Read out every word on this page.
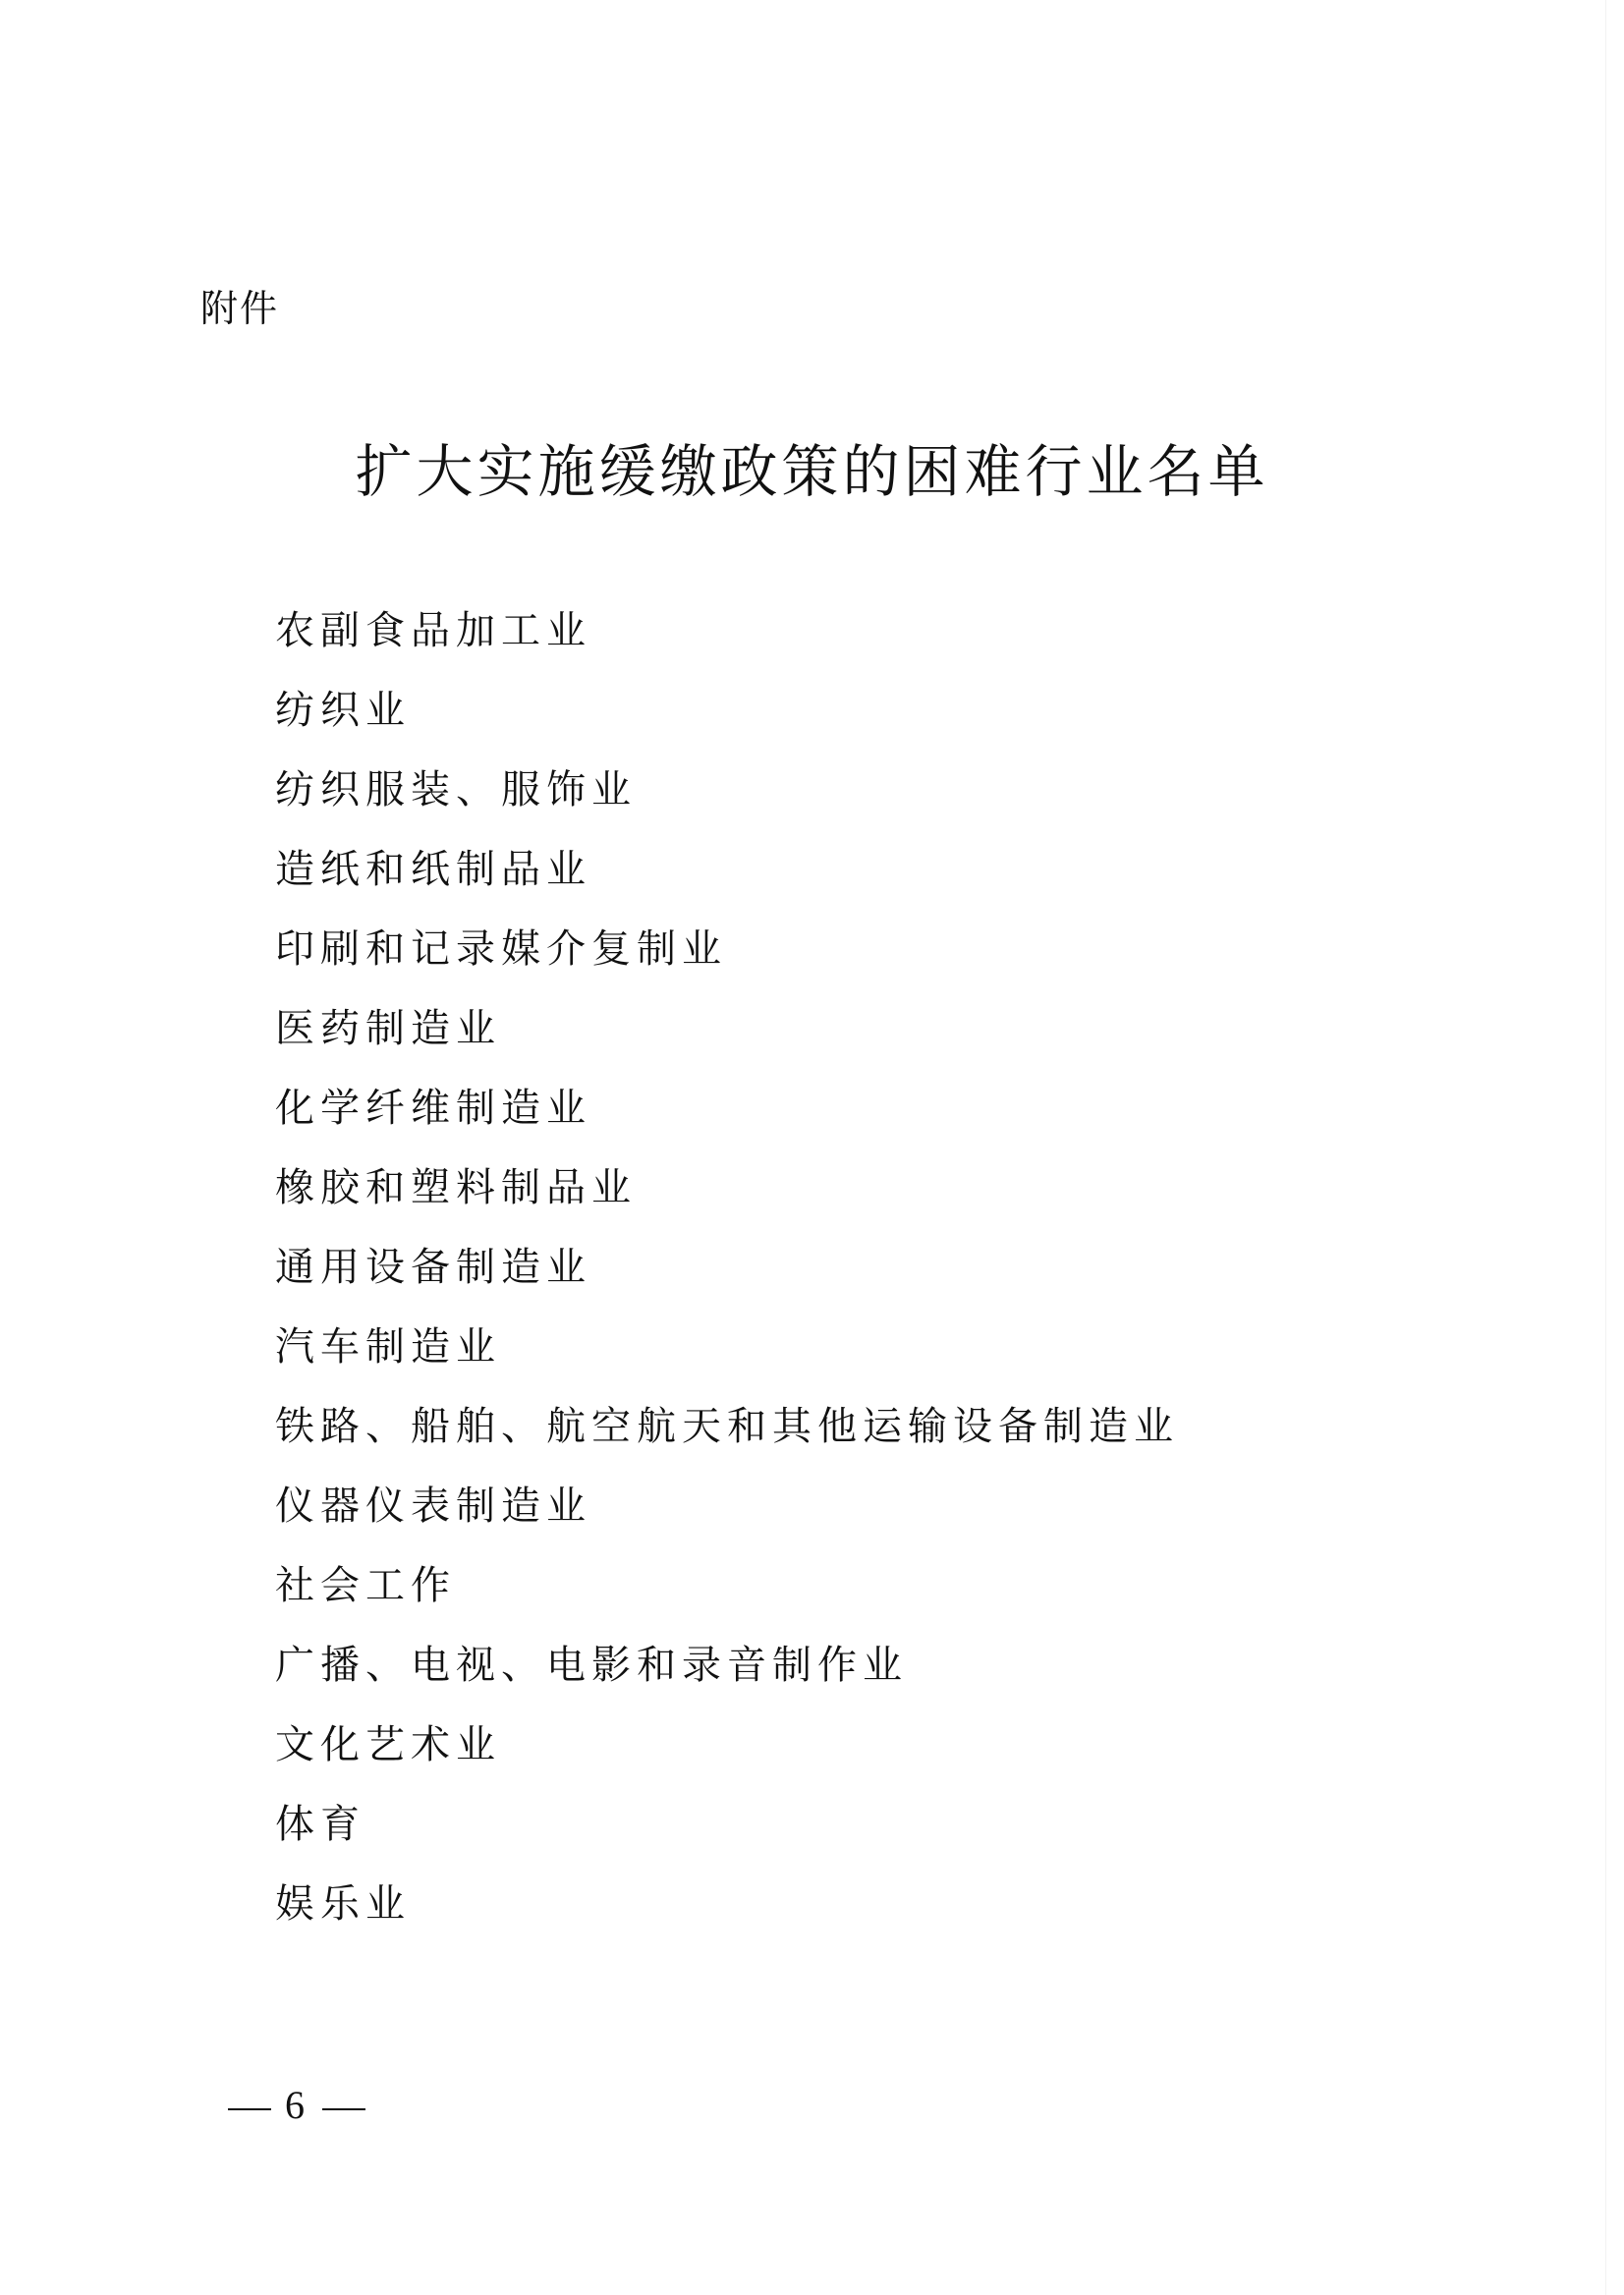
附件

扩大实施缓缴政策的困难行业名单
农副食品加工业
纺织业
纺织服装、服饰业
造纸和纸制品业
印刷和记录媒介复制业
医药制造业
化学纤维制造业
橡胶和塑料制品业
通用设备制造业
汽车制造业
铁路、船舶、航空航天和其他运输设备制造业
仪器仪表制造业
社会工作
广播、电视、电影和录音制作业
文化艺术业
体育
娱乐业

6
